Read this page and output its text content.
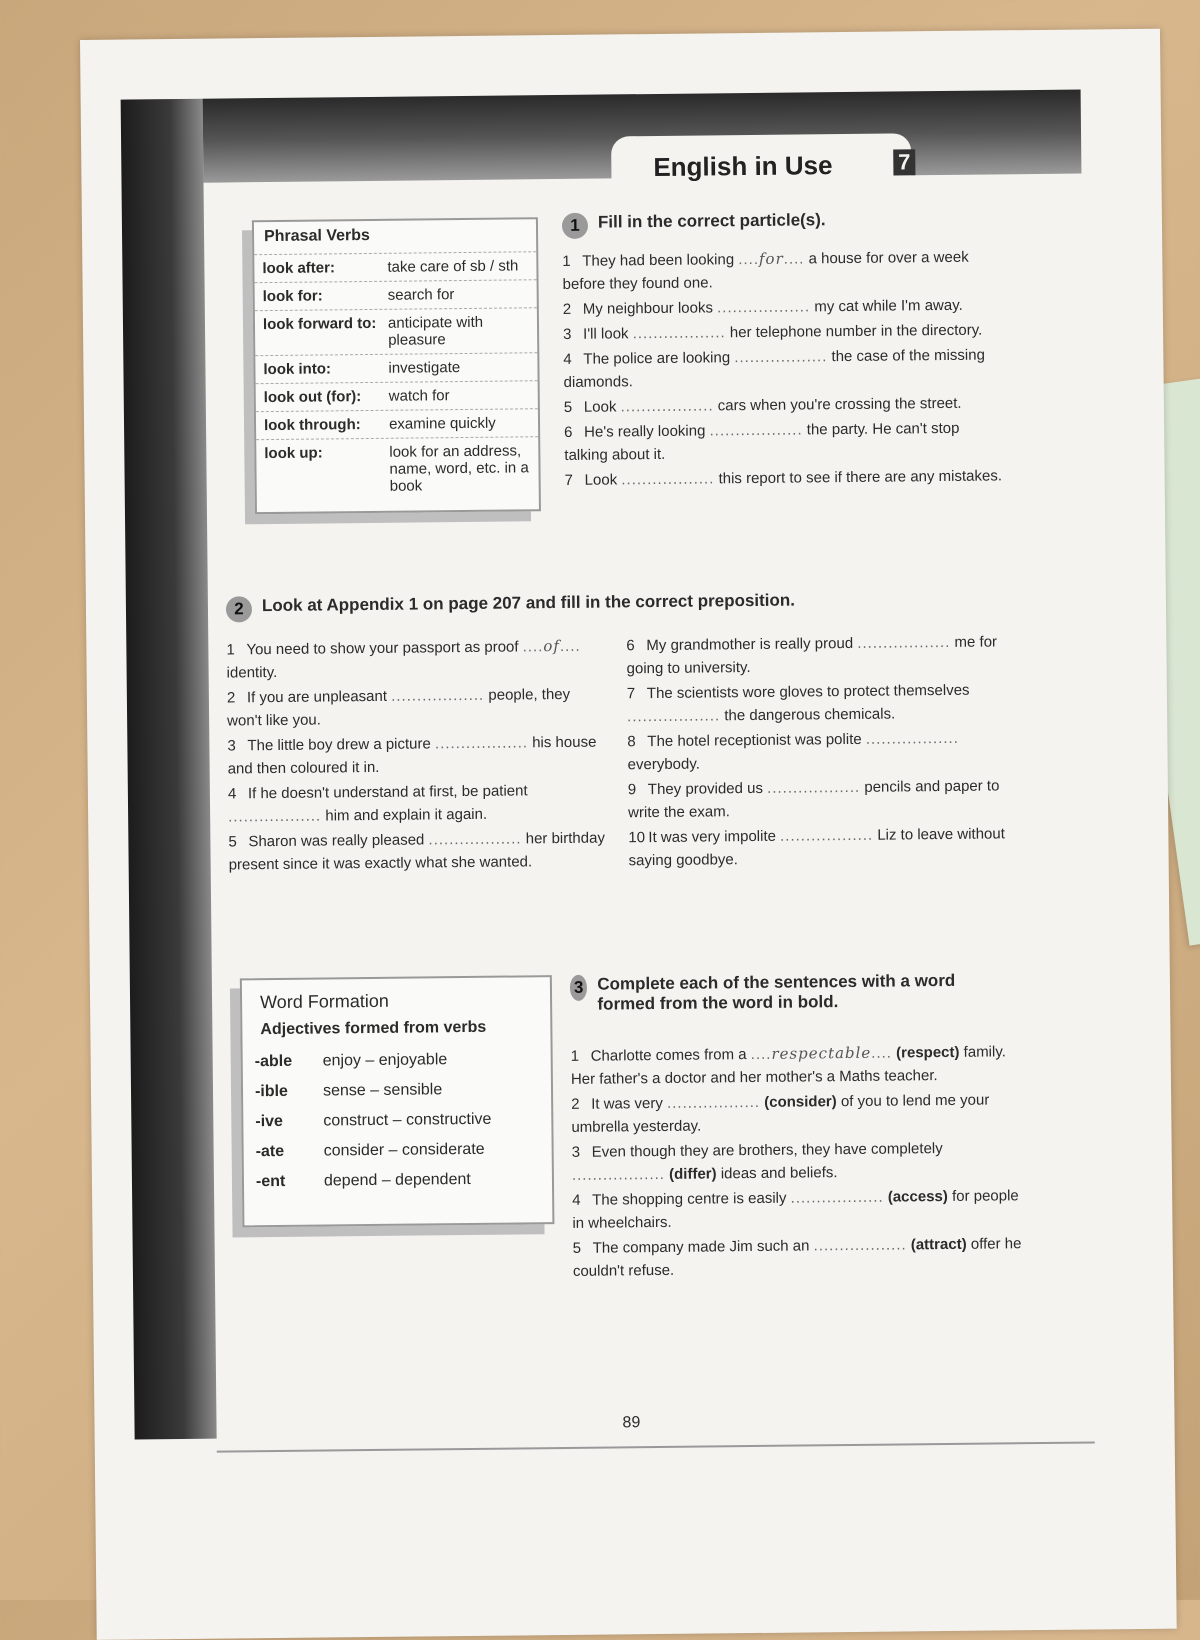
English in Use	7
Phrasal Verbs
look after:	take care of sb / sth
look for:	search for
look forward to: anticipate with pleasure
look into:	investigate
look out (for):	watch for
look through:	examine quickly
look up:	look for an address, name, word, etc. in a book
1	Fill in the correct particle(s).
1 They had been looking ....for.... a house for over a week before they found one.
2 My neighbour looks .................. my cat while I'm away.
3 I'll look .................. her telephone number in the directory.
4 The police are looking .................. the case of the missing diamonds.
5 Look .................. cars when you're crossing the street.
6 He's really looking .................. the party. He can't stop talking about it.
7 Look .................. this report to see if there are any mistakes.
2	Look at Appendix 1 on page 207 and fill in the correct preposition.
1 You need to show your passport as proof ....of.... identity.
2 If you are unpleasant .................. people, they won't like you.
3 The little boy drew a picture .................. his house and then coloured it in.
4 If he doesn't understand at first, be patient .................. him and explain it again.
5 Sharon was really pleased .................. her birthday present since it was exactly what she wanted.
6 My grandmother is really proud .................. me for going to university.
7 The scientists wore gloves to protect themselves .................. the dangerous chemicals.
8 The hotel receptionist was polite .................. everybody.
9 They provided us .................. pencils and paper to write the exam.
10 It was very impolite .................. Liz to leave without saying goodbye.
Word Formation
Adjectives formed from verbs
-able	enjoy – enjoyable
-ible	sense – sensible
-ive	construct – constructive
-ate	consider – considerate
-ent	depend – dependent
3 Complete each of the sentences with a word formed from the word in bold.
1 Charlotte comes from a ....respectable.... (respect) family. Her father's a doctor and her mother's a Maths teacher.
2 It was very .................. (consider) of you to lend me your umbrella yesterday.
3 Even though they are brothers, they have completely .................. (differ) ideas and beliefs.
4 The shopping centre is easily .................. (access) for people in wheelchairs.
5 The company made Jim such an .................. (attract) offer he couldn't refuse.
89
